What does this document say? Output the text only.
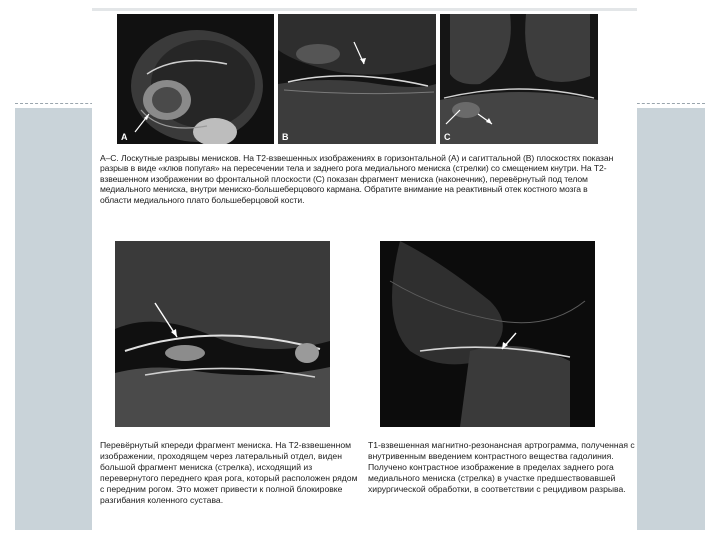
A	B	C

А–С. Лоскутные разрывы менисков. На Т2-взвешенных изображениях в горизонтальной (А) и сагиттальной (В) плоскостях показан разрыв в виде «клюв попугая» на пересечении тела и заднего рога медиального мениска (стрелки) со смещением кнутри. На Т2-взвешенном изображении во фронтальной плоскости (С) показан фрагмент мениска (наконечник), перевёрнутый под телом медиального мениска, внутри мениско-большеберцового кармана. Обратите внимание на реактивный отек костного мозга в области медиального плато большеберцовой кости.

Перевёрнутый кпереди фрагмент мениска. На Т2-взвешенном изображении, проходящем через латеральный отдел, виден большой фрагмент мениска (стрелка), исходящий из перевернутого переднего края рога, который расположен рядом с передним рогом. Это может привести к полной блокировке разгибания коленного сустава.

Т1-взвешенная магнитно-резонансная артрограмма, полученная с внутривенным введением контрастного вещества гадолиния. Получено контрастное изображение в пределах заднего рога медиального мениска (стрелка) в участке предшествовавшей хирургической обработки, в соответствии с рецидивом разрыва.
